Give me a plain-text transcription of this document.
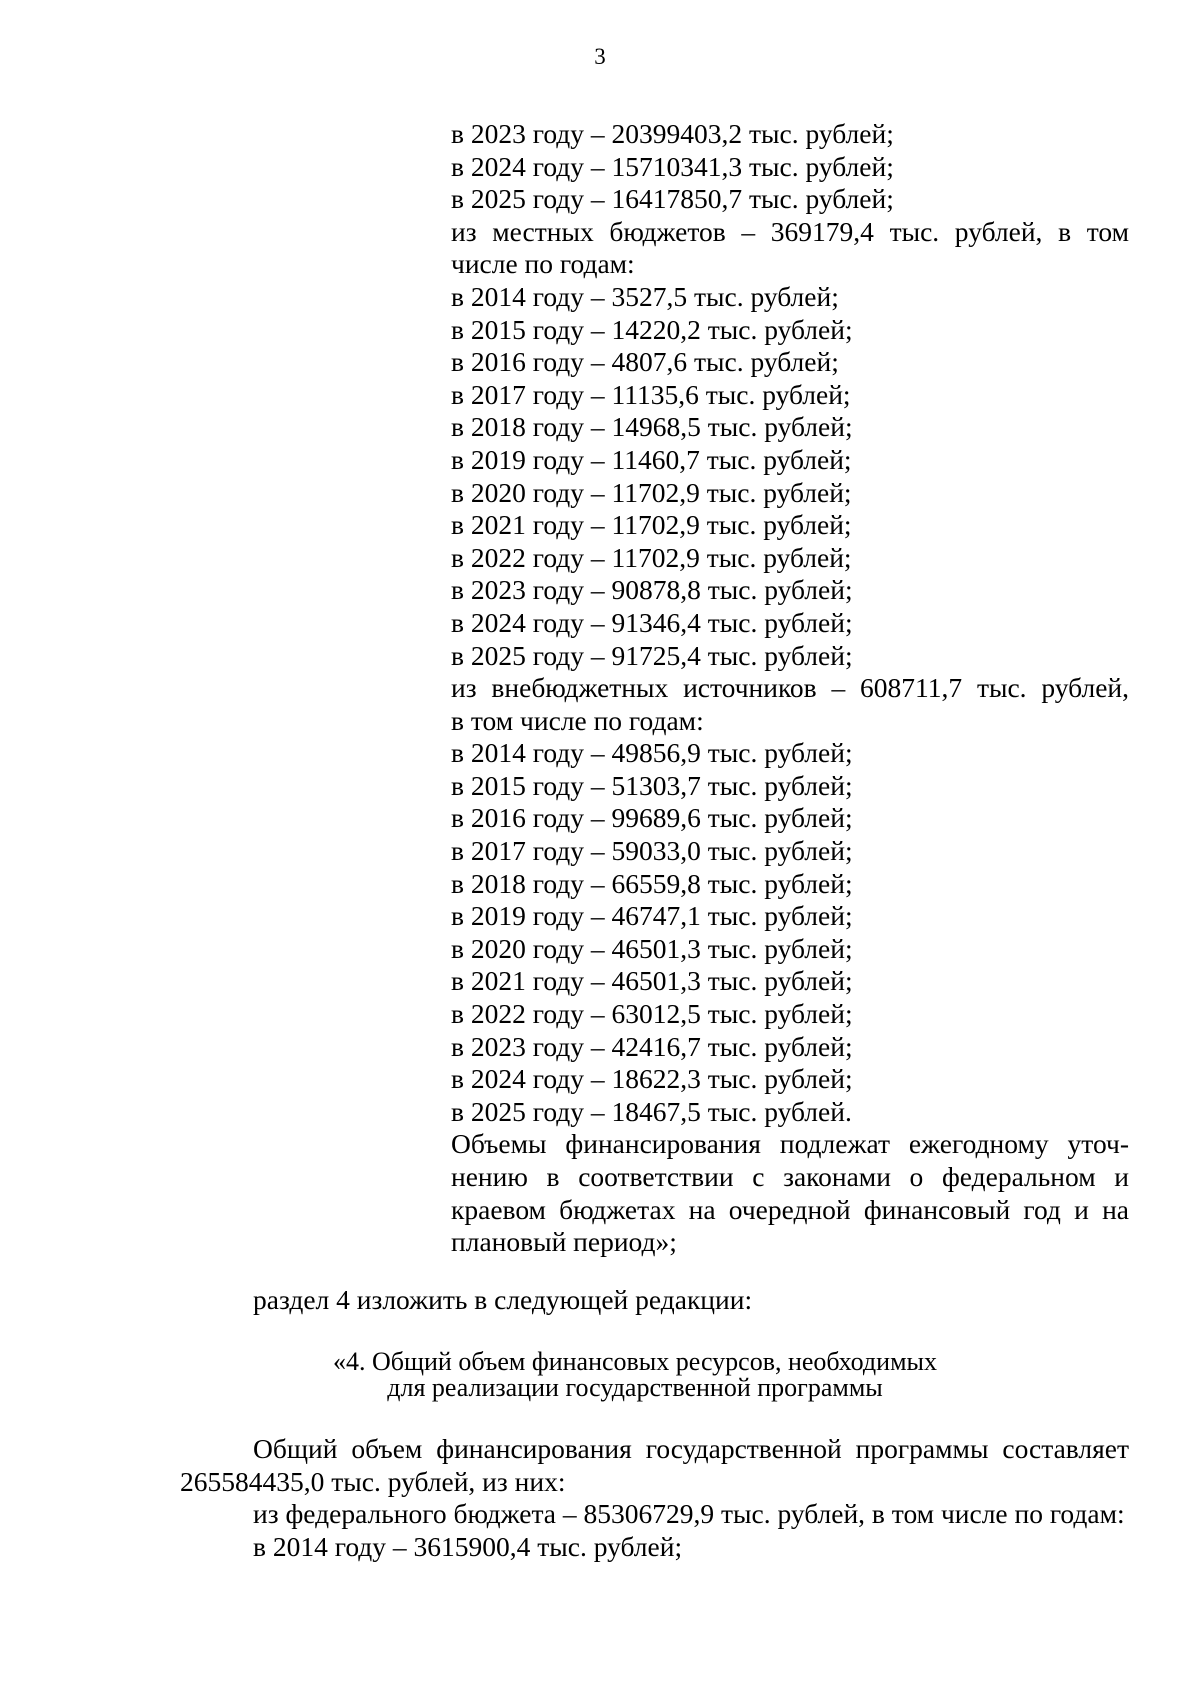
3
в 2023 году – 20399403,2 тыс. рублей;
в 2024 году – 15710341,3 тыс. рублей;
в 2025 году – 16417850,7 тыс. рублей;
из местных бюджетов – 369179,4 тыс. рублей, в том
числе по годам:
в 2014 году – 3527,5 тыс. рублей;
в 2015 году – 14220,2 тыс. рублей;
в 2016 году – 4807,6 тыс. рублей;
в 2017 году – 11135,6 тыс. рублей;
в 2018 году – 14968,5 тыс. рублей;
в 2019 году – 11460,7 тыс. рублей;
в 2020 году – 11702,9 тыс. рублей;
в 2021 году – 11702,9 тыс. рублей;
в 2022 году – 11702,9 тыс. рублей;
в 2023 году – 90878,8 тыс. рублей;
в 2024 году – 91346,4 тыс. рублей;
в 2025 году – 91725,4 тыс. рублей;
из внебюджетных источников – 608711,7 тыс. рублей,
в том числе по годам:
в 2014 году – 49856,9 тыс. рублей;
в 2015 году – 51303,7 тыс. рублей;
в 2016 году – 99689,6 тыс. рублей;
в 2017 году – 59033,0 тыс. рублей;
в 2018 году – 66559,8 тыс. рублей;
в 2019 году – 46747,1 тыс. рублей;
в 2020 году – 46501,3 тыс. рублей;
в 2021 году – 46501,3 тыс. рублей;
в 2022 году – 63012,5 тыс. рублей;
в 2023 году – 42416,7 тыс. рублей;
в 2024 году – 18622,3 тыс. рублей;
в 2025 году – 18467,5 тыс. рублей.
Объемы финансирования подлежат ежегодному уточ-
нению в соответствии с законами о федеральном и
краевом бюджетах на очередной финансовый год и на
плановый период»;
раздел 4 изложить в следующей редакции:
«4. Общий объем финансовых ресурсов, необходимых
для реализации государственной программы
Общий объем финансирования государственной программы составляет 265584435,0 тыс. рублей, из них:
из федерального бюджета – 85306729,9 тыс. рублей, в том числе по годам:
в 2014 году – 3615900,4 тыс. рублей;
